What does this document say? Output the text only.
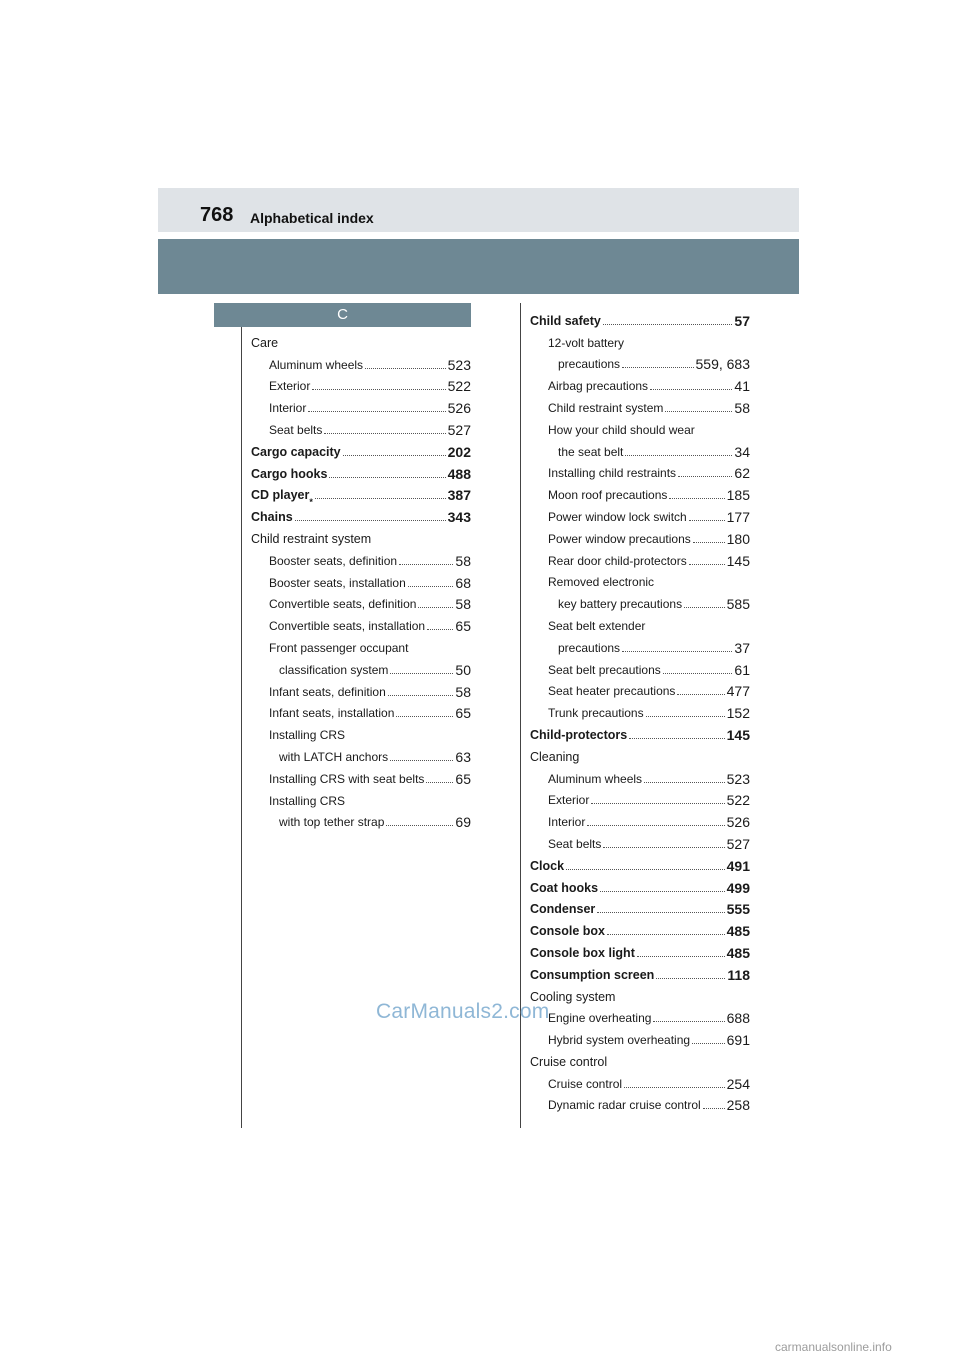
768 Alphabetical index
C
Care
Aluminum wheels	523
Exterior	522
Interior	526
Seat belts	527
Cargo capacity	202
Cargo hooks	488
CD player *	387
Chains	343
Child restraint system
Booster seats, definition	58
Booster seats, installation	68
Convertible seats, definition	58
Convertible seats, installation 65
Front passenger occupant
classification system	50
Infant seats, definition	58
Infant seats, installation	65
Installing CRS
with LATCH anchors	63
Installing CRS with seat belts 65
Installing CRS
with top tether strap	69
Child safety	57
12-volt battery
precautions	559, 683
Airbag precautions	41
Child restraint system	58
How your child should wear
the seat belt	34
Installing child restraints	62
Moon roof precautions	185
Power window lock switch	177
Power window precautions	180
Rear door child-protectors	145
Removed electronic
key battery precautions	585
Seat belt extender
precautions	37
Seat belt precautions	61
Seat heater precautions	477
Trunk precautions	152
Child-protectors	145
Cleaning
Aluminum wheels	523
Exterior	522
Interior	526
Seat belts	527
Clock	491
Coat hooks	499
Condenser	555
Console box	485
Console box light	485
Consumption screen	118
Cooling system
Engine overheating	688
Hybrid system overheating	691
Cruise control
Cruise control	254
Dynamic radar cruise control 258
CarManuals2.com
carmanualsonline.info
